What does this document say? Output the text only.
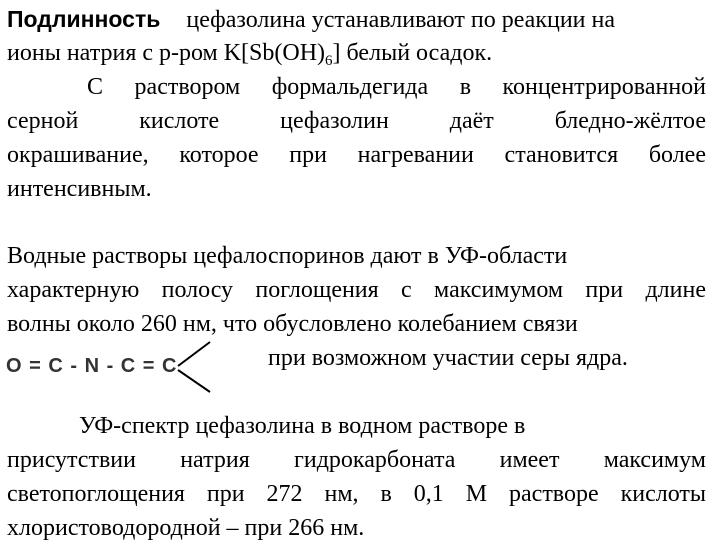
Подлинность цефазолина устанавливают по реакции на
ионы натрия с р-ром $K[Sb(OH)_6]$ белый осадок.
С раствором формальдегида в концентрированной
серной кислоте цефазолин даёт бледно-жёлтое
окрашивание, которое при нагревании становится более
интенсивным.
Водные растворы цефалоспоринов дают в УФ-области
характерную полосу поглощения с максимумом при длине
волны около 260 нм, что обусловлено колебанием связи
O = C - N - C = C	при возможном участии серы ядра.
УФ-спектр цефазолина в водном растворе в
присутствии натрия гидрокарбоната имеет максимум
светопоглощения при 272 нм, в 0,1 М растворе кислоты
хлористоводородной – при 266 нм.
